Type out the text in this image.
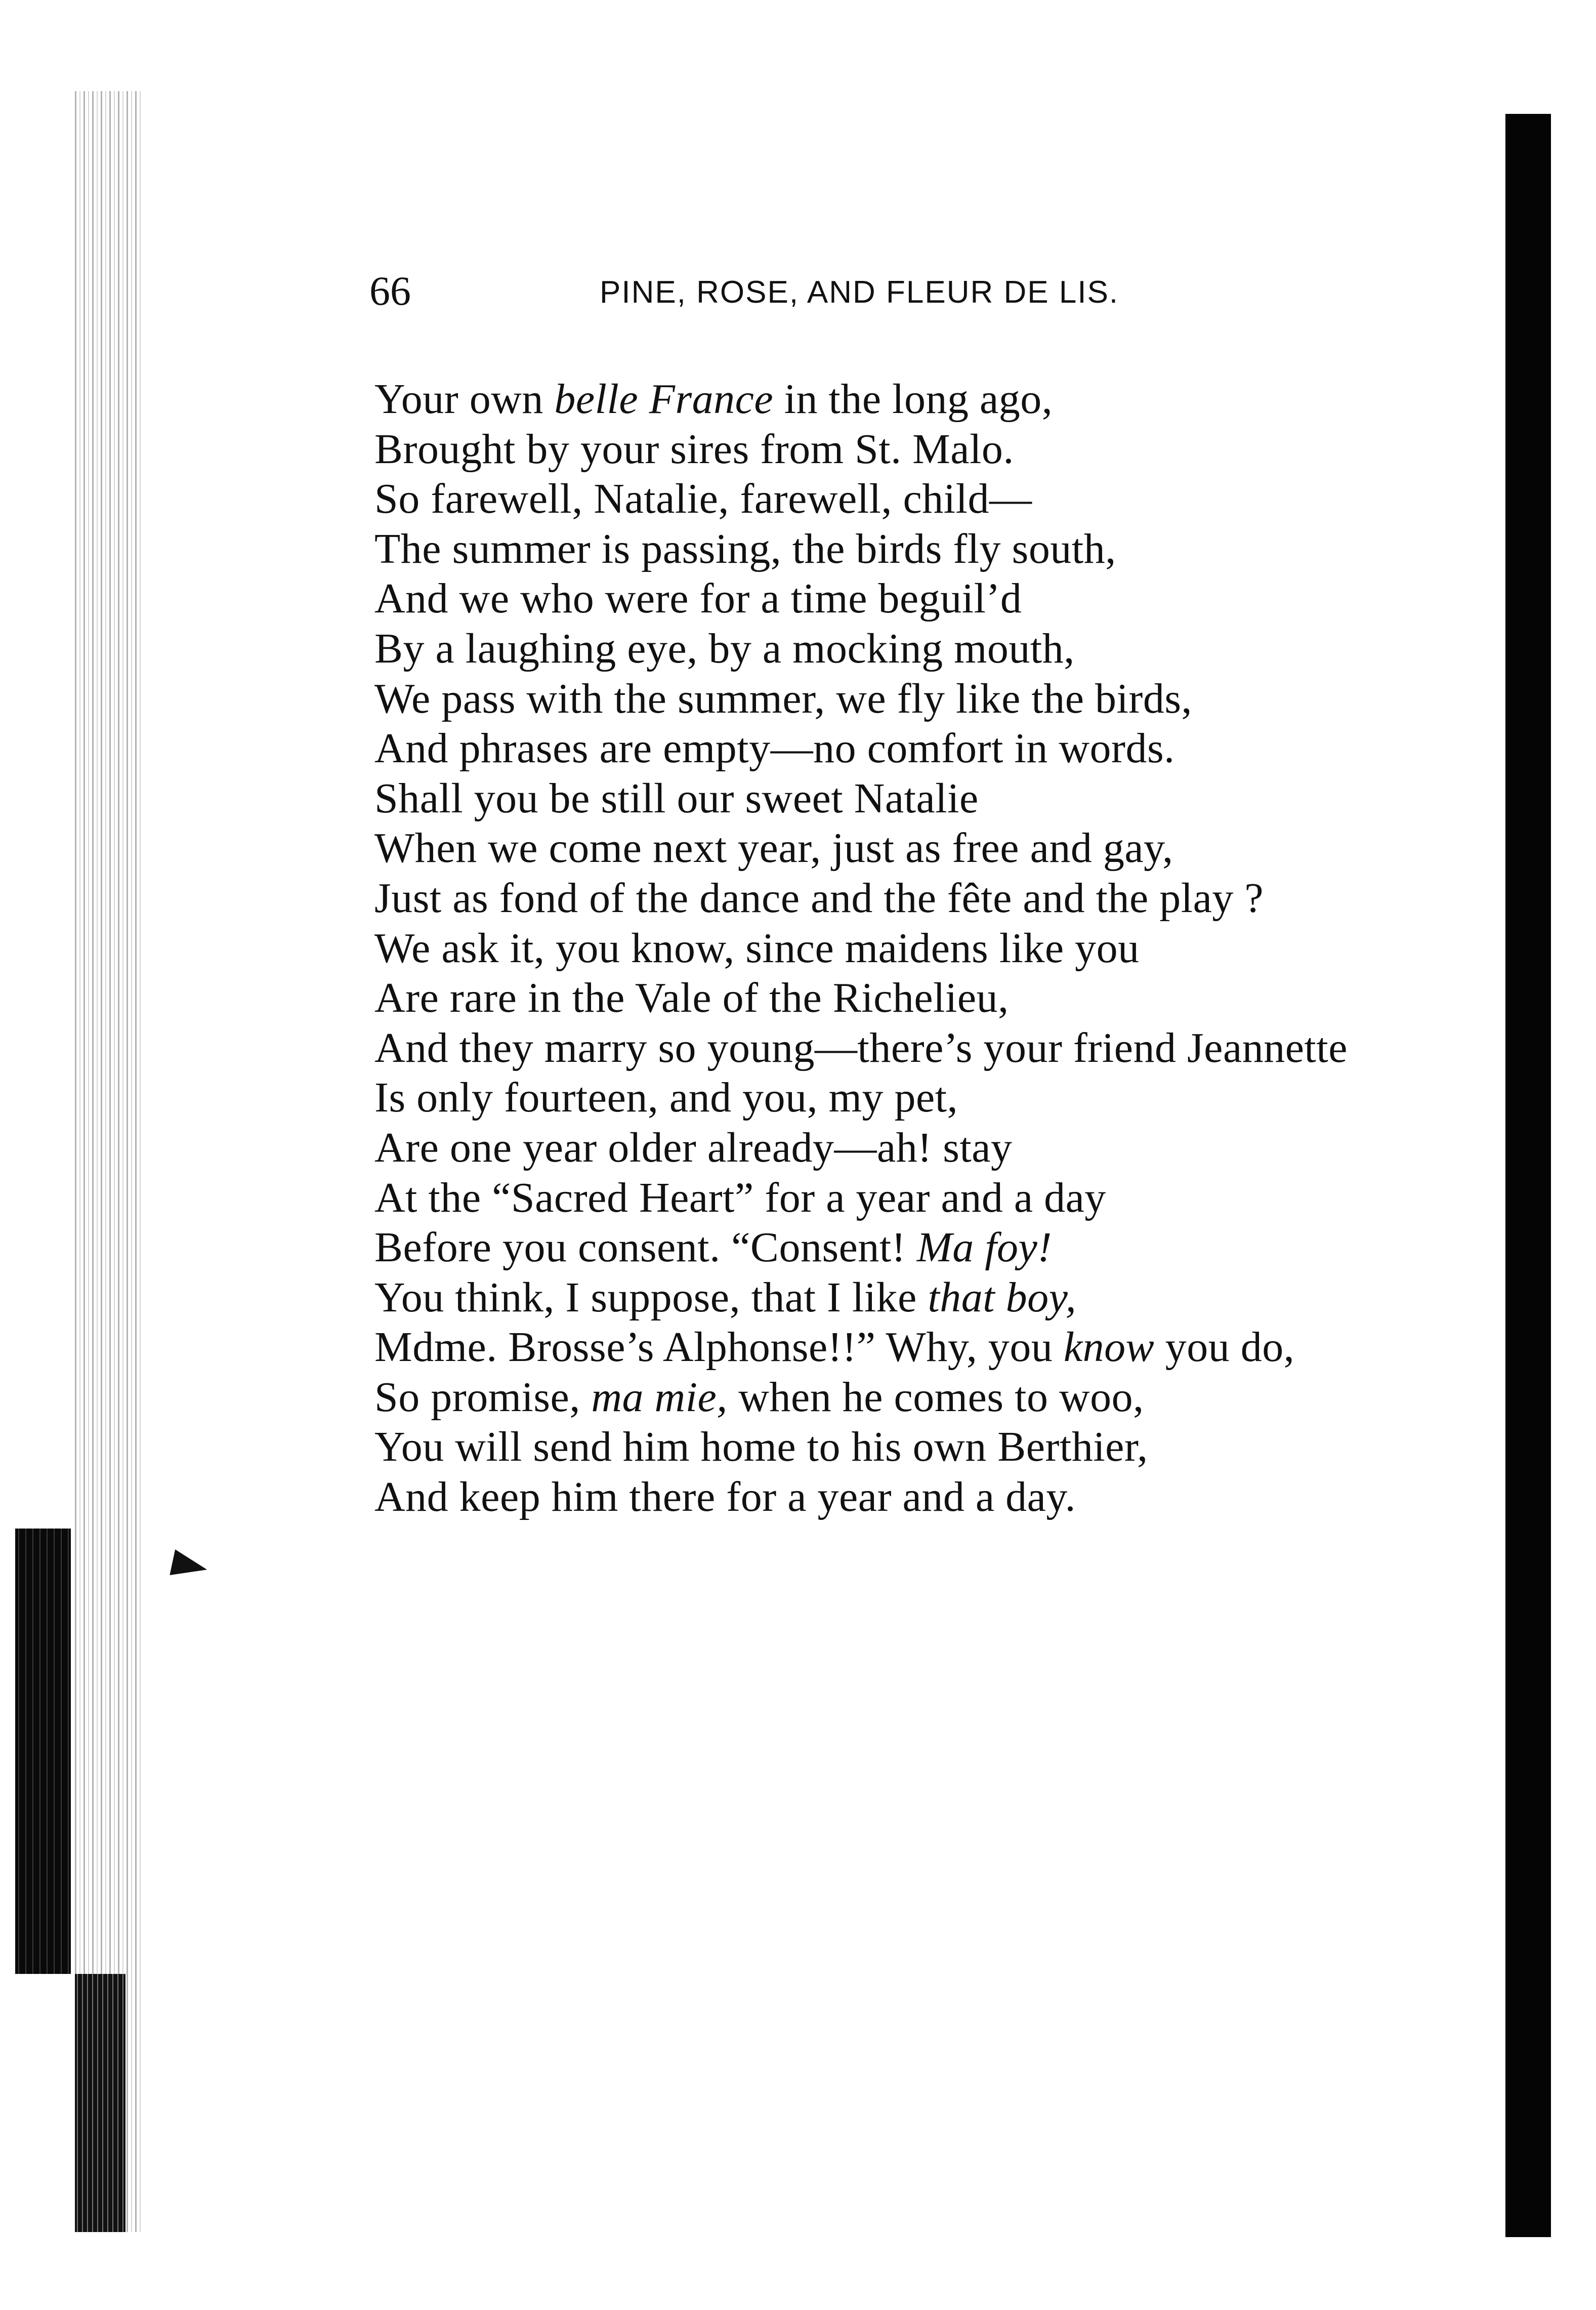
66	PINE, ROSE, AND FLEUR DE LIS.
Your own belle France in the long ago,
Brought by your sires from St. Malo.
So farewell, Natalie, farewell, child—
The summer is passing, the birds fly south,
And we who were for a time beguil’d
By a laughing eye, by a mocking mouth,
We pass with the summer, we fly like the birds,
And phrases are empty—no comfort in words.
Shall you be still our sweet Natalie
When we come next year, just as free and gay,
Just as fond of the dance and the fête and the play ?
We ask it, you know, since maidens like you
Are rare in the Vale of the Richelieu,
And they marry so young—there’s your friend Jeannette
Is only fourteen, and you, my pet,
Are one year older already—ah! stay
At the “Sacred Heart” for a year and a day
Before you consent. “Consent! Ma foy!
You think, I suppose, that I like that boy,
Mdme. Brosse’s Alphonse!!” Why, you know you do,
So promise, ma mie, when he comes to woo,
You will send him home to his own Berthier,
And keep him there for a year and a day.
